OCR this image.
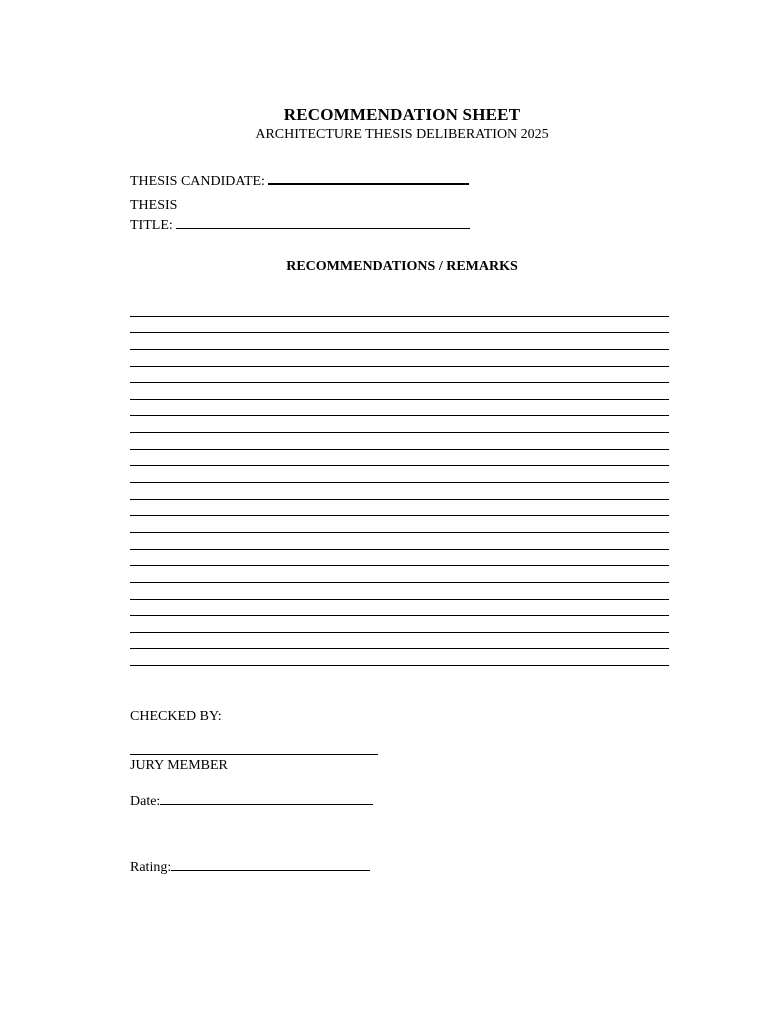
RECOMMENDATION SHEET
ARCHITECTURE THESIS DELIBERATION 2025
THESIS CANDIDATE:
THESIS
TITLE:
RECOMMENDATIONS / REMARKS
CHECKED BY:
JURY MEMBER
Date:
Rating:
